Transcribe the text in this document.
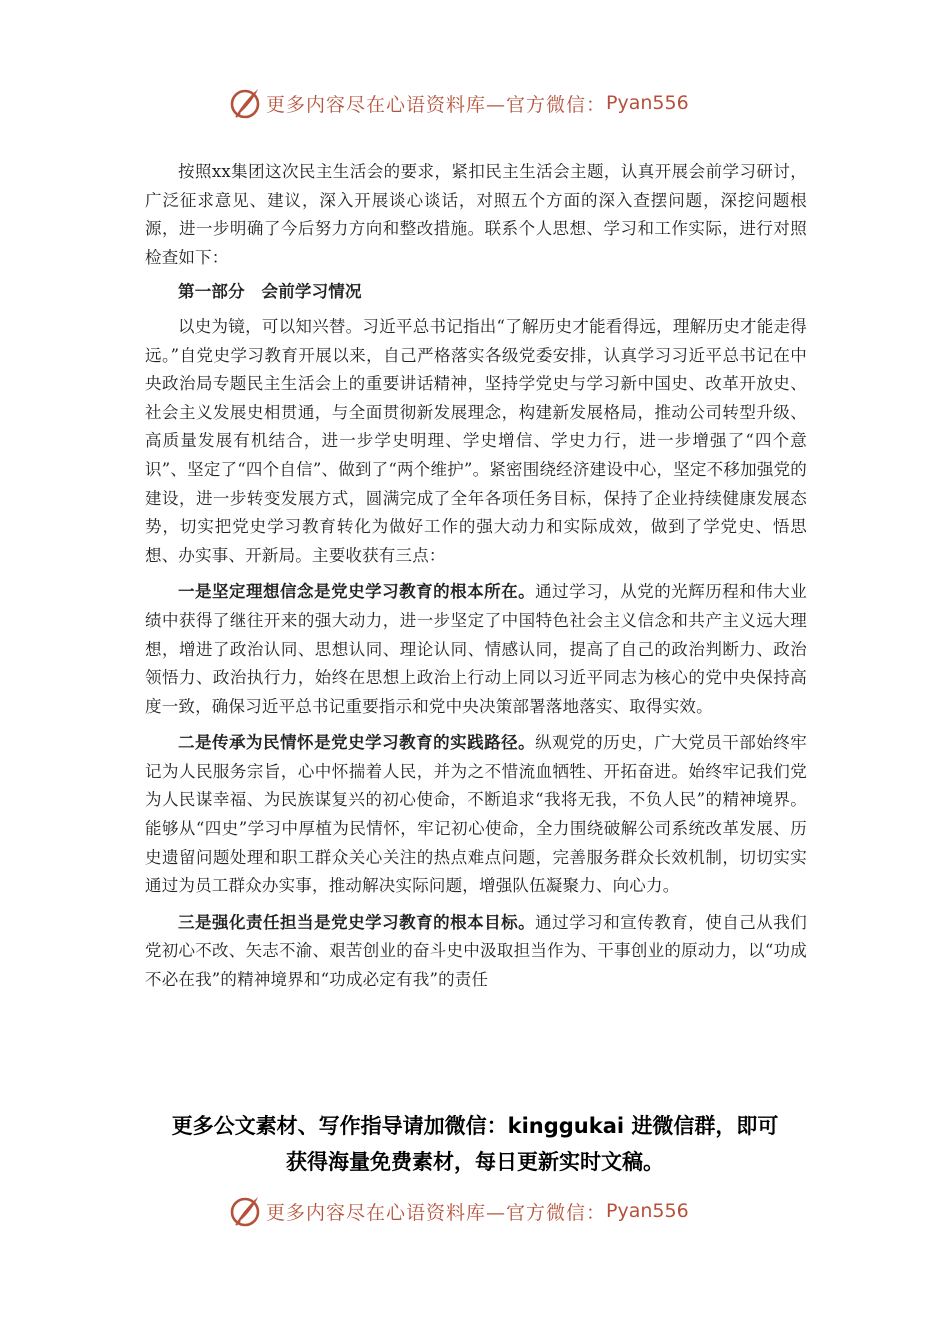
更多内容尽在心语资料库—官方微信： Pyan556

按照xx集团这次民主生活会的要求，紧扣民主生活会主题，认真开展会前学习研讨，广泛征求意见、建议，深入开展谈心谈话，对照五个方面的深入查摆问题，深挖问题根源，进一步明确了今后努力方向和整改措施。联系个人思想、学习和工作实际，进行对照检查如下：

第一部分　会前学习情况

以史为镜，可以知兴替。习近平总书记指出“了解历史才能看得远，理解历史才能走得远。”自党史学习教育开展以来，自己严格落实各级党委安排，认真学习习近平总书记在中央政治局专题民主生活会上的重要讲话精神，坚持学党史与学习新中国史、改革开放史、社会主义发展史相贯通，与全面贯彻新发展理念，构建新发展格局，推动公司转型升级、高质量发展有机结合，进一步学史明理、学史增信、学史力行，进一步增强了“四个意识”、坚定了“四个自信”、做到了“两个维护”。紧密围绕经济建设中心，坚定不移加强党的建设，进一步转变发展方式，圆满完成了全年各项任务目标，保持了企业持续健康发展态势，切实把党史学习教育转化为做好工作的强大动力和实际成效，做到了学党史、悟思想、办实事、开新局。主要收获有三点：

一是坚定理想信念是党史学习教育的根本所在。通过学习，从党的光辉历程和伟大业绩中获得了继往开来的强大动力，进一步坚定了中国特色社会主义信念和共产主义远大理想，增进了政治认同、思想认同、理论认同、情感认同，提高了自己的政治判断力、政治领悟力、政治执行力，始终在思想上政治上行动上同以习近平同志为核心的党中央保持高度一致，确保习近平总书记重要指示和党中央决策部署落地落实、取得实效。

二是传承为民情怀是党史学习教育的实践路径。纵观党的历史，广大党员干部始终牢记为人民服务宗旨，心中怀揣着人民，并为之不惜流血牺牲、开拓奋进。始终牢记我们党为人民谋幸福、为民族谋复兴的初心使命，不断追求“我将无我，不负人民”的精神境界。能够从“四史”学习中厚植为民情怀，牢记初心使命，全力围绕破解公司系统改革发展、历史遗留问题处理和职工群众关心关注的热点难点问题，完善服务群众长效机制，切切实实通过为员工群众办实事，推动解决实际问题，增强队伍凝聚力、向心力。

三是强化责任担当是党史学习教育的根本目标。通过学习和宣传教育，使自己从我们党初心不改、矢志不渝、艰苦创业的奋斗史中汲取担当作为、干事创业的原动力，以“功成不必在我”的精神境界和“功成必定有我”的责任

更多公文素材、写作指导请加微信：kinggukai 进微信群，即可
获得海量免费素材，每日更新实时文稿。
更多内容尽在心语资料库—官方微信： Pyan556
